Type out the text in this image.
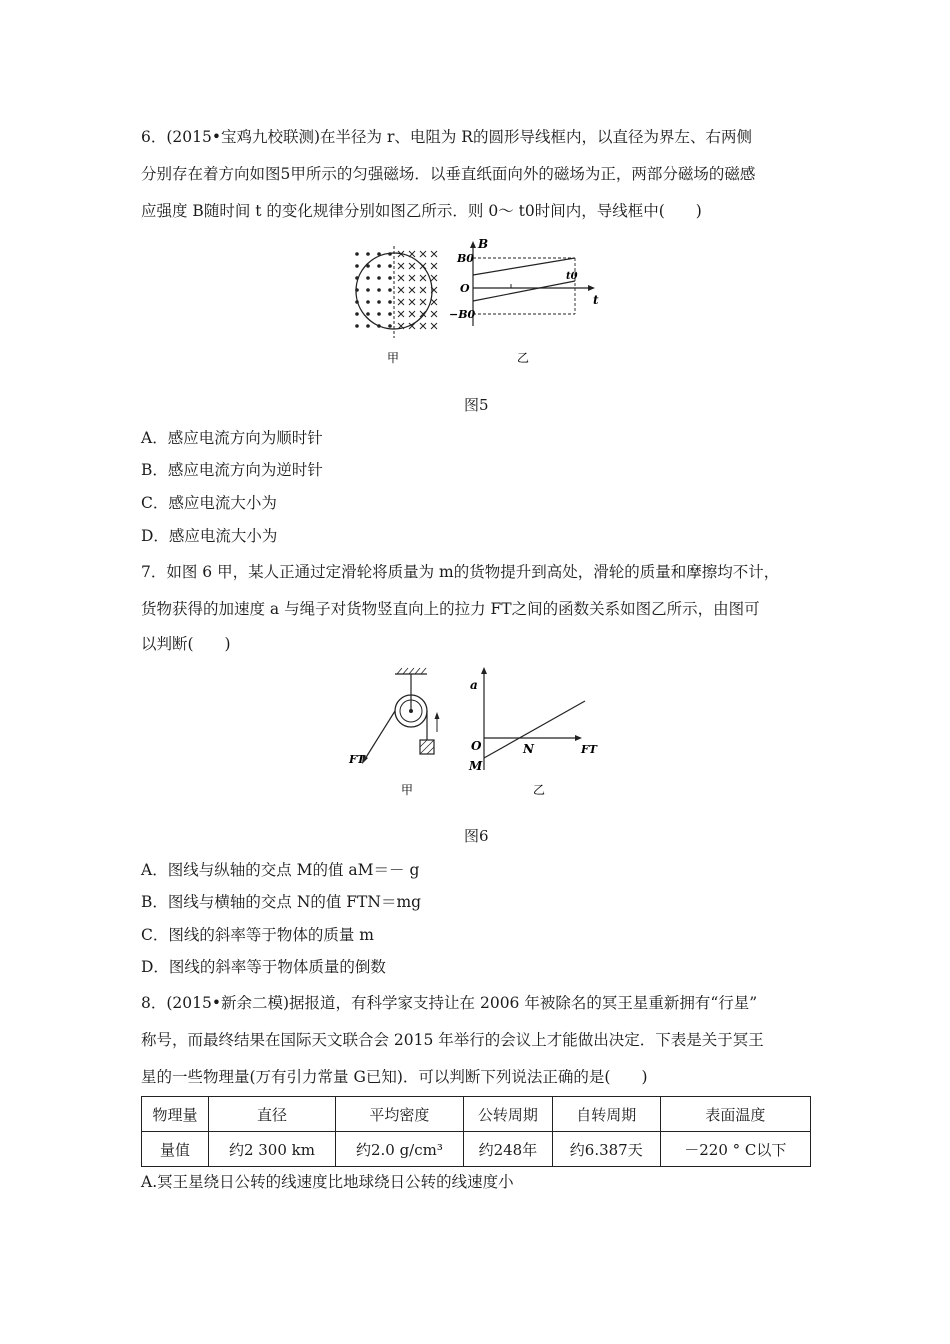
6．(2015•宝鸡九校联测)在半径为 r、电阻为 R的圆形导线框内，以直径为界左、右两侧
分别存在着方向如图5甲所示的匀强磁场．以垂直纸面向外的磁场为正，两部分磁场的磁感
应强度 B随时间 t 的变化规律分别如图乙所示．则 0～ t0时间内，导线框中(　　)
甲
B
B0
O
−B0
t0
t
乙
图5
A．感应电流方向为顺时针
B．感应电流方向为逆时针
C．感应电流大小为
D．感应电流大小为
7．如图 6 甲，某人正通过定滑轮将质量为 m的货物提升到高处，滑轮的质量和摩擦均不计，
货物获得的加速度 a 与绳子对货物竖直向上的拉力 FT之间的函数关系如图乙所示，由图可
以判断(　　)
FT
甲
a
O
M
N	FT
乙
图6
A．图线与纵轴的交点 M的值 aM＝－ g
B．图线与横轴的交点 N的值 FTN＝mg
C．图线的斜率等于物体的质量 m
D．图线的斜率等于物体质量的倒数
8．(2015•新余二模)据报道，有科学家支持让在 2006 年被除名的冥王星重新拥有“行星”
称号，而最终结果在国际天文联合会 2015 年举行的会议上才能做出决定．下表是关于冥王
星的一些物理量(万有引力常量 G已知)．可以判断下列说法正确的是(　　)
物理量	直径	平均密度	公转周期	自转周期	表面温度
量值	约2 300 km	约2.0 g/cm³	约248年	约6.387天	－220 ° C以下
A.冥王星绕日公转的线速度比地球绕日公转的线速度小
